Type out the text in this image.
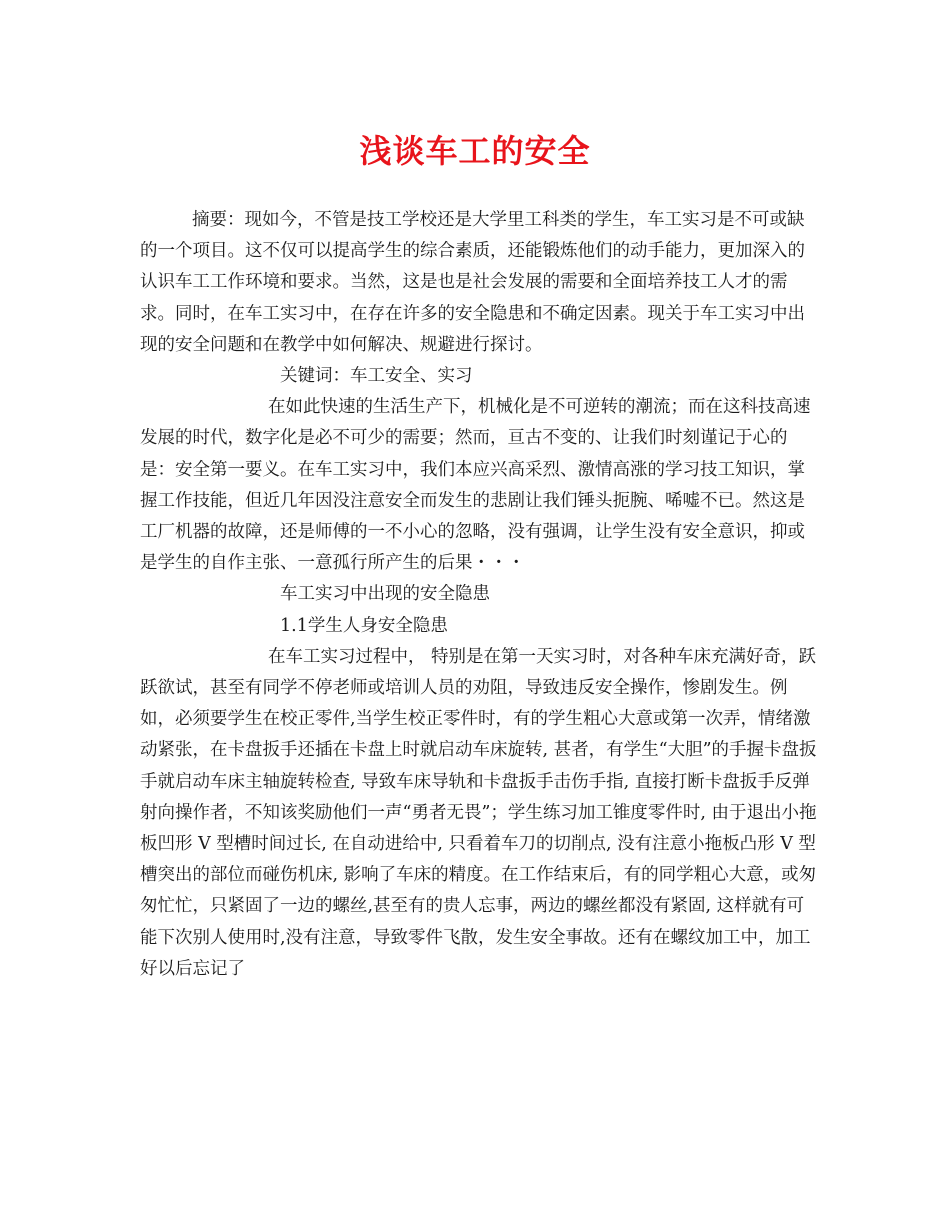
浅谈车工的安全

摘要：现如今，不管是技工学校还是大学里工科类的学生，车工实习是不可或缺的一个项目。这不仅可以提高学生的综合素质，还能锻炼他们的动手能力，更加深入的认识车工工作环境和要求。当然，这是也是社会发展的需要和全面培养技工人才的需求。同时，在车工实习中，在存在许多的安全隐患和不确定因素。现关于车工实习中出现的安全问题和在教学中如何解决、规避进行探讨。

关键词：车工安全、实习

在如此快速的生活生产下，机械化是不可逆转的潮流；而在这科技高速发展的时代，数字化是必不可少的需要；然而，亘古不变的、让我们时刻谨记于心的是：安全第一要义。在车工实习中，我们本应兴高采烈、激情高涨的学习技工知识，掌握工作技能，但近几年因没注意安全而发生的悲剧让我们锤头扼腕、唏嘘不已。然这是工厂机器的故障，还是师傅的一不小心的忽略，没有强调，让学生没有安全意识，抑或是学生的自作主张、一意孤行所产生的后果・・・

车工实习中出现的安全隐患

1.1学生人身安全隐患

在车工实习过程中， 特别是在第一天实习时，对各种车床充满好奇，跃跃欲试，甚至有同学不停老师或培训人员的劝阻，导致违反安全操作，惨剧发生。例如，必须要学生在校正零件,当学生校正零件时，有的学生粗心大意或第一次弄，情绪激动紧张，在卡盘扳手还插在卡盘上时就启动车床旋转, 甚者，有学生“大胆”的手握卡盘扳手就启动车床主轴旋转检查, 导致车床导轨和卡盘扳手击伤手指, 直接打断卡盘扳手反弹射向操作者，不知该奖励他们一声“勇者无畏”；学生练习加工锥度零件时, 由于退出小拖板凹形 V 型槽时间过长, 在自动进给中, 只看着车刀的切削点, 没有注意小拖板凸形 V 型槽突出的部位而碰伤机床, 影响了车床的精度。在工作结束后，有的同学粗心大意，或匆匆忙忙，只紧固了一边的螺丝,甚至有的贵人忘事，两边的螺丝都没有紧固, 这样就有可能下次别人使用时,没有注意，导致零件飞散，发生安全事故。还有在螺纹加工中，加工好以后忘记了
